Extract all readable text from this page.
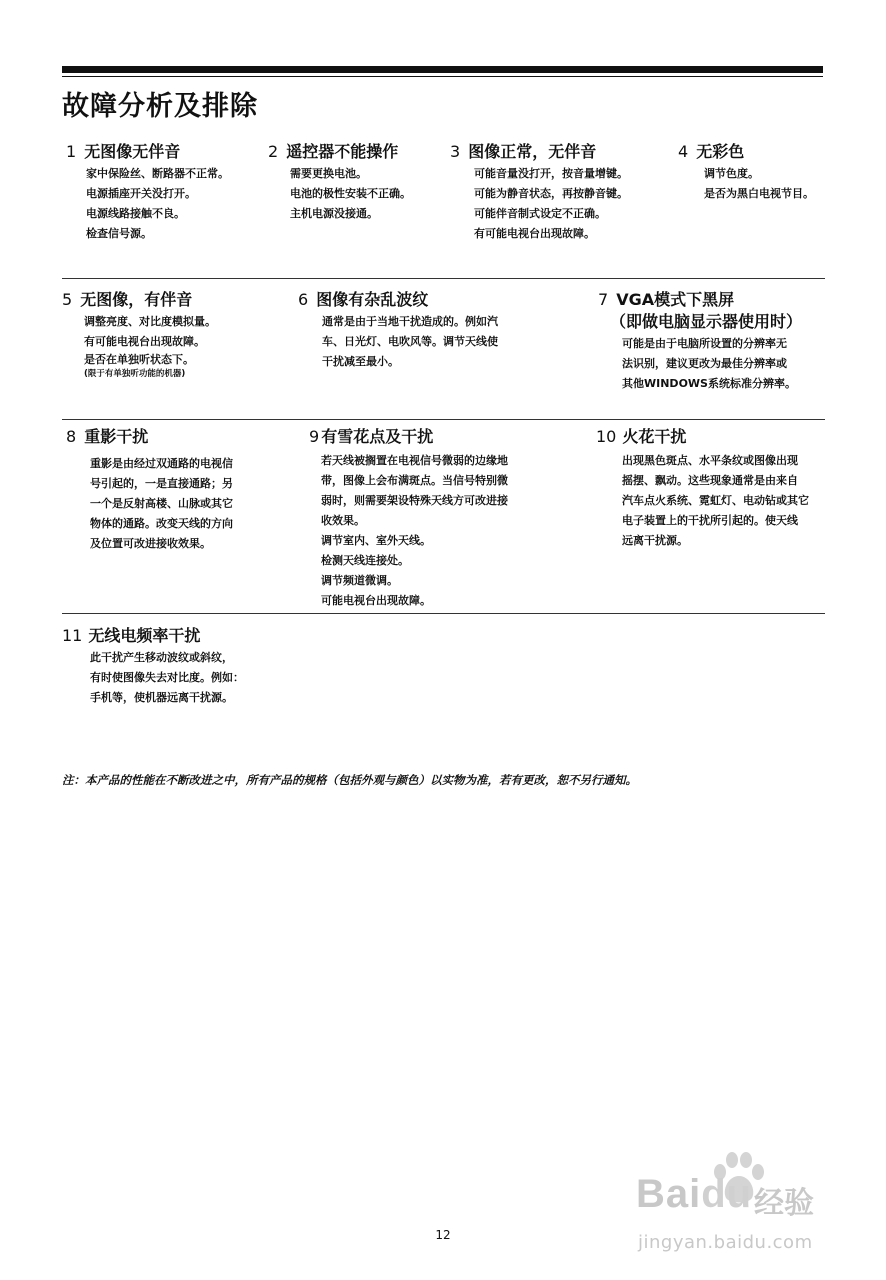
故障分析及排除
1 无图像无伴音
家中保险丝、断路器不正常。
电源插座开关没打开。
电源线路接触不良。
检查信号源。
2 遥控器不能操作
需要更换电池。
电池的极性安装不正确。
主机电源没接通。
3 图像正常，无伴音
可能音量没打开，按音量增键。
可能为静音状态，再按静音键。
可能伴音制式设定不正确。
有可能电视台出现故障。
4 无彩色
调节色度。
是否为黑白电视节目。
5 无图像，有伴音
调整亮度、对比度模拟量。
有可能电视台出现故障。
是否在单独听状态下。
(限于有单独听功能的机器)
6 图像有杂乱波纹
通常是由于当地干扰造成的。例如汽
车、日光灯、电吹风等。调节天线使
干扰减至最小。
7 VGA模式下黑屏
（即做电脑显示器使用时）
可能是由于电脑所设置的分辨率无
法识别，建议更改为最佳分辨率或
其他WINDOWS系统标准分辨率。
8 重影干扰
重影是由经过双通路的电视信
号引起的，一是直接通路；另
一个是反射高楼、山脉或其它
物体的通路。改变天线的方向
及位置可改进接收效果。
9 有雪花点及干扰
若天线被搁置在电视信号微弱的边缘地
带，图像上会布满斑点。当信号特别微
弱时，则需要架设特殊天线方可改进接
收效果。
调节室内、室外天线。
检测天线连接处。
调节频道微调。
可能电视台出现故障。
10 火花干扰
出现黑色斑点、水平条纹或图像出现
摇摆、飘动。这些现象通常是由来自
汽车点火系统、霓虹灯、电动钻或其它
电子装置上的干扰所引起的。使天线
远离干扰源。
11 无线电频率干扰
此干扰产生移动波纹或斜纹，
有时使图像失去对比度。例如：
手机等，使机器远离干扰源。
注：本产品的性能在不断改进之中，所有产品的规格（包括外观与颜色）以实物为准，若有更改，恕不另行通知。
Baidu 经验
jingyan.baidu.com
12
